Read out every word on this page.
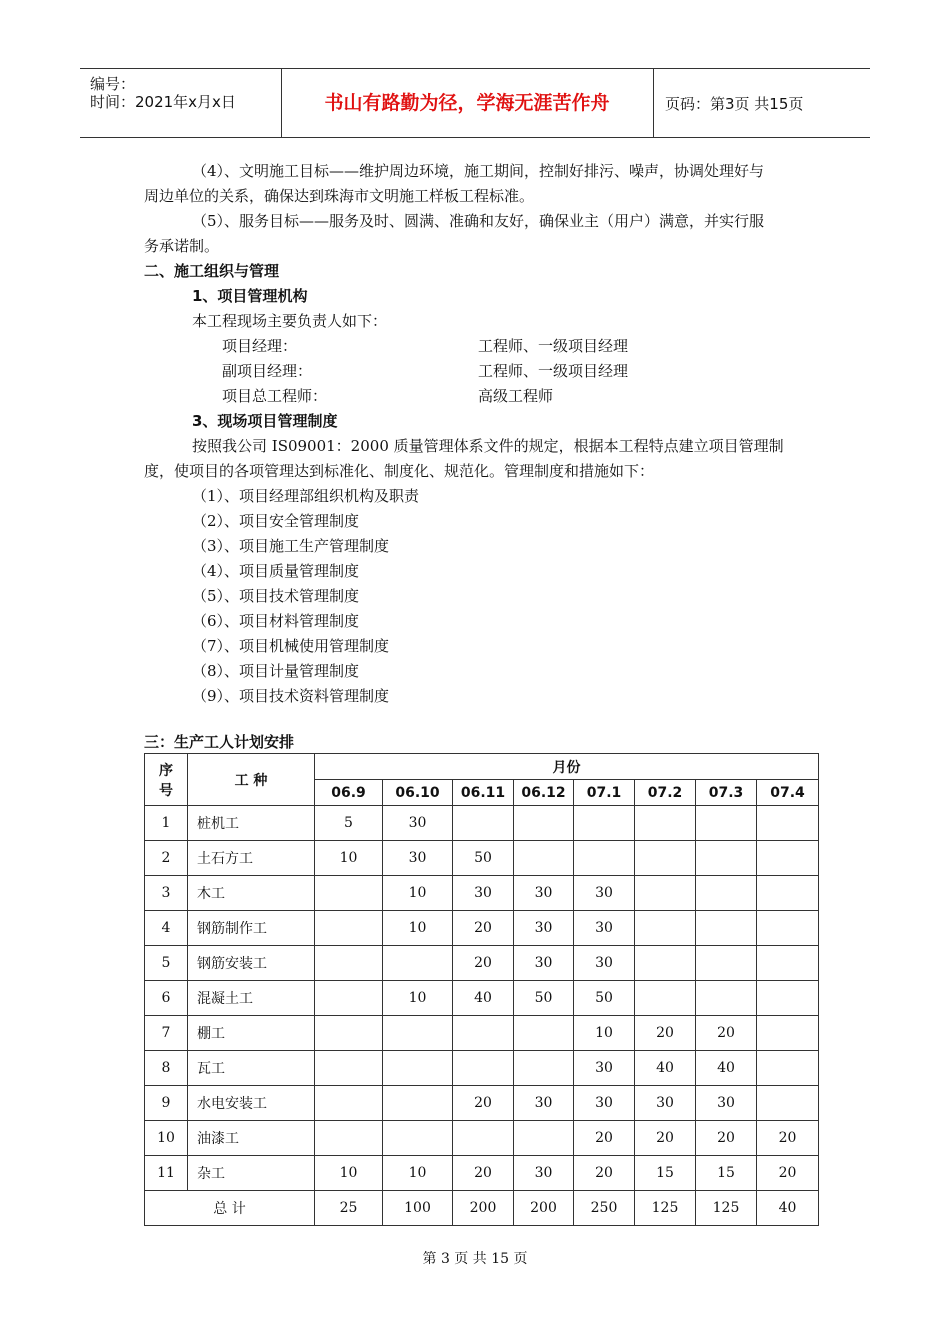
编号：
时间：2021年x月x日	书山有路勤为径，学海无涯苦作舟	页码：第3页 共15页
（4）、文明施工目标——维护周边环境，施工期间，控制好排污、噪声，协调处理好与
周边单位的关系，确保达到珠海市文明施工样板工程标准。
（5）、服务目标——服务及时、圆满、准确和友好，确保业主（用户）满意，并实行服
务承诺制。
二、施工组织与管理
1、项目管理机构
本工程现场主要负责人如下：
项目经理：	工程师、一级项目经理
副项目经理：	工程师、一级项目经理
项目总工程师：	高级工程师
3、现场项目管理制度
按照我公司 IS09001：2000 质量管理体系文件的规定，根据本工程特点建立项目管理制
度，使项目的各项管理达到标准化、制度化、规范化。管理制度和措施如下：
（1）、项目经理部组织机构及职责
（2）、项目安全管理制度
（3）、项目施工生产管理制度
（4）、项目质量管理制度
（5）、项目技术管理制度
（6）、项目材料管理制度
（7）、项目机械使用管理制度
（8）、项目计量管理制度
（9）、项目技术资料管理制度
三：生产工人计划安排
序号	工 种	月份							
		06.9	06.10	06.11	06.12	07.1	07.2	07.3	07.4
1	桩机工	5	30						
2	土石方工	10	30	50					
3	木工		10	30	30	30			
4	钢筋制作工		10	20	30	30			
5	钢筋安装工			20	30	30			
6	混凝土工		10	40	50	50			
7	棚工					10	20	20	
8	瓦工					30	40	40	
9	水电安装工			20	30	30	30	30	
10	油漆工					20	20	20	20
11	杂工	10	10	20	30	20	15	15	20
总 计		25	100	200	200	250	125	125	40
第 3 页 共 15 页
